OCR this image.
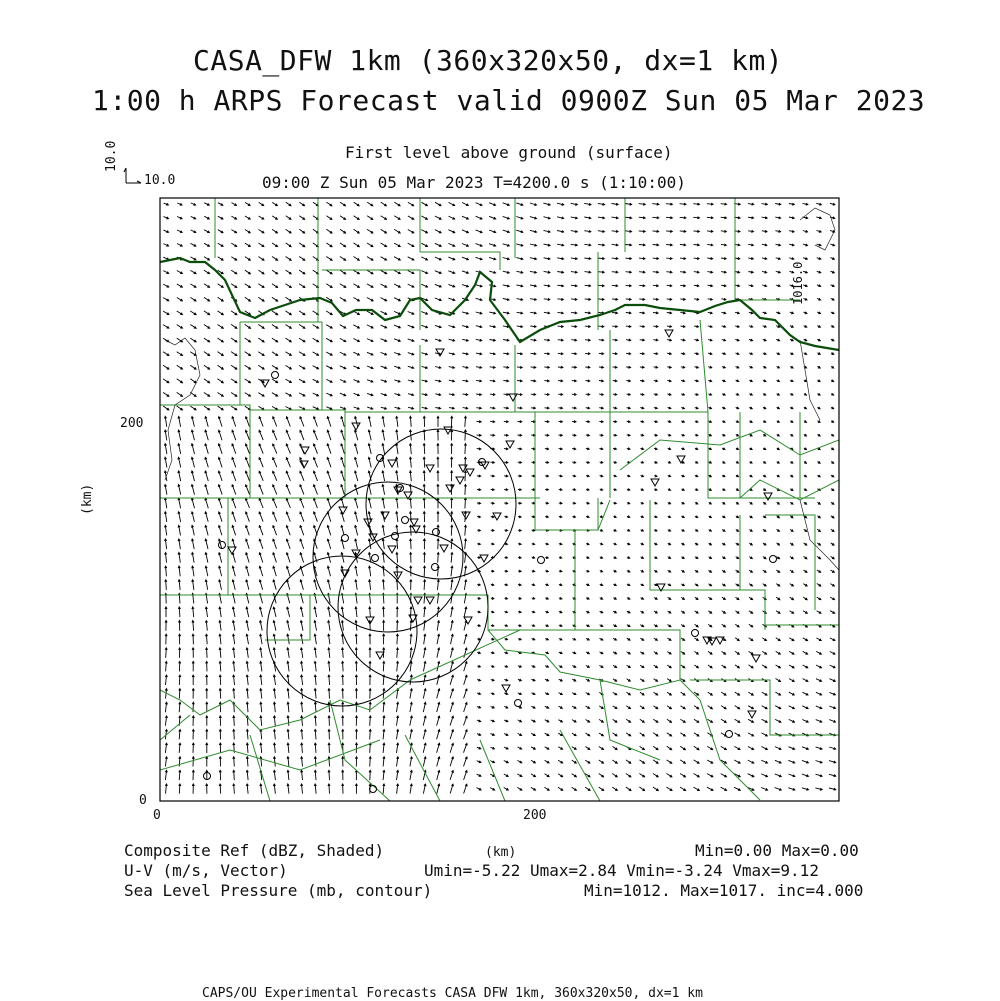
CASA_DFW 1km (360x320x50, dx=1 km)
1:00 h ARPS Forecast valid 0900Z Sun 05 Mar 2023
First level above ground (surface)
09:00 Z Sun 05 Mar 2023 T=4200.0 s (1:10:00)
10.0
10.0
200
0
0	200
(km)
1016.0
Composite Ref (dBZ, Shaded)	Min=0.00 Max=0.00
(km)
U-V (m/s, Vector)	Umin=-5.22 Umax=2.84 Vmin=-3.24 Vmax=9.12
Sea Level Pressure (mb, contour)	Min=1012. Max=1017. inc=4.000
CAPS/OU Experimental Forecasts CASA DFW 1km, 360x320x50, dx=1 km
